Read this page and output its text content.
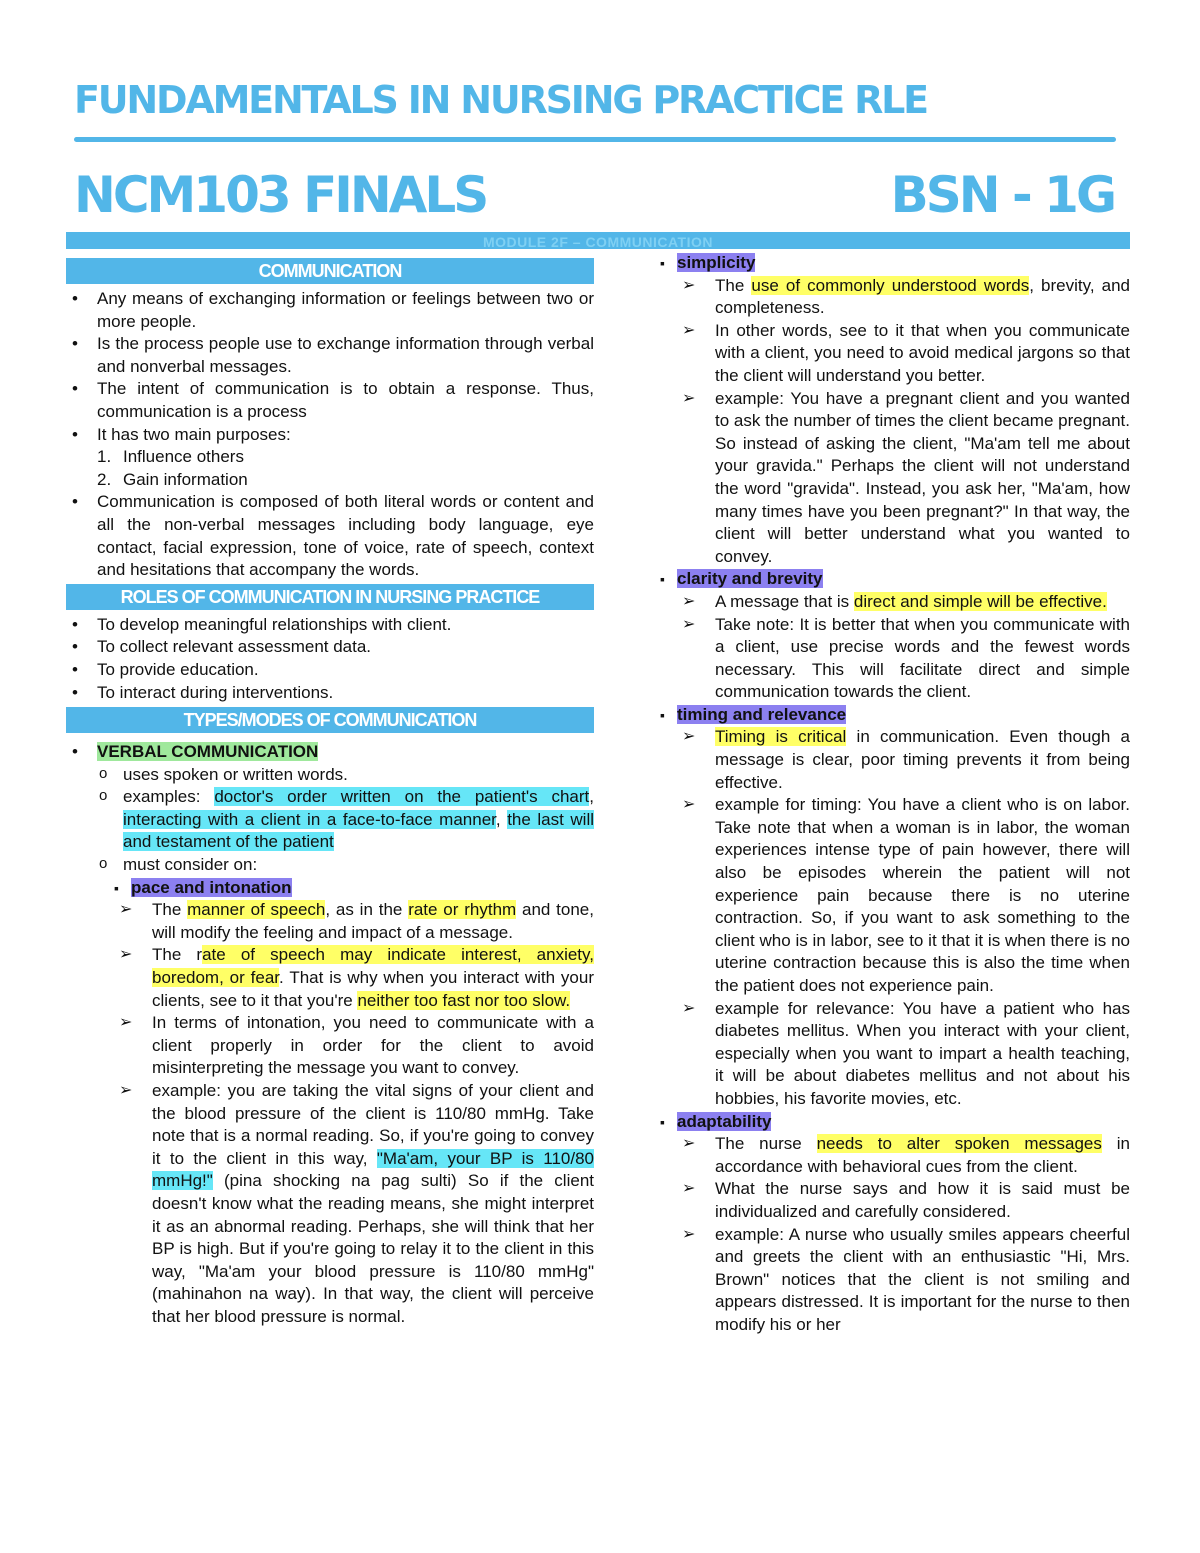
FUNDAMENTALS IN NURSING PRACTICE RLE
NCM103 FINALS	BSN - 1G
MODULE 2F – COMMUNICATION
COMMUNICATION
• Any means of exchanging information or feelings between two or more people.
• Is the process people use to exchange information through verbal and nonverbal messages.
• The intent of communication is to obtain a response. Thus, communication is a process
• It has two main purposes:
1. Influence others
2. Gain information
• Communication is composed of both literal words or content and all the non-verbal messages including body language, eye contact, facial expression, tone of voice, rate of speech, context and hesitations that accompany the words.
ROLES OF COMMUNICATION IN NURSING PRACTICE
• To develop meaningful relationships with client.
• To collect relevant assessment data.
• To provide education.
• To interact during interventions.
TYPES/MODES OF COMMUNICATION
• VERBAL COMMUNICATION
o uses spoken or written words.
o examples: doctor's order written on the patient's chart, interacting with a client in a face-to-face manner, the last will and testament of the patient
o must consider on:
▪ pace and intonation
➢ The manner of speech, as in the rate or rhythm and tone, will modify the feeling and impact of a message.
➢ The rate of speech may indicate interest, anxiety, boredom, or fear. That is why when you interact with your clients, see to it that you're neither too fast nor too slow.
➢ In terms of intonation, you need to communicate with a client properly in order for the client to avoid misinterpreting the message you want to convey.
➢ example: you are taking the vital signs of your client and the blood pressure of the client is 110/80 mmHg. Take note that is a normal reading. So, if you're going to convey it to the client in this way, "Ma'am, your BP is 110/80 mmHg!" (pina shocking na pag sulti) So if the client doesn't know what the reading means, she might interpret it as an abnormal reading. Perhaps, she will think that her BP is high. But if you're going to relay it to the client in this way, "Ma'am your blood pressure is 110/80 mmHg" (mahinahon na way). In that way, the client will perceive that her blood pressure is normal.
▪ simplicity
➢ The use of commonly understood words, brevity, and completeness.
➢ In other words, see to it that when you communicate with a client, you need to avoid medical jargons so that the client will understand you better.
➢ example: You have a pregnant client and you wanted to ask the number of times the client became pregnant. So instead of asking the client, "Ma'am tell me about your gravida." Perhaps the client will not understand the word "gravida". Instead, you ask her, "Ma'am, how many times have you been pregnant?" In that way, the client will better understand what you wanted to convey.
▪ clarity and brevity
➢ A message that is direct and simple will be effective.
➢ Take note: It is better that when you communicate with a client, use precise words and the fewest words necessary. This will facilitate direct and simple communication towards the client.
▪ timing and relevance
➢ Timing is critical in communication. Even though a message is clear, poor timing prevents it from being effective.
➢ example for timing: You have a client who is on labor. Take note that when a woman is in labor, the woman experiences intense type of pain however, there will also be episodes wherein the patient will not experience pain because there is no uterine contraction. So, if you want to ask something to the client who is in labor, see to it that it is when there is no uterine contraction because this is also the time when the patient does not experience pain.
➢ example for relevance: You have a patient who has diabetes mellitus. When you interact with your client, especially when you want to impart a health teaching, it will be about diabetes mellitus and not about his hobbies, his favorite movies, etc.
▪ adaptability
➢ The nurse needs to alter spoken messages in accordance with behavioral cues from the client.
➢ What the nurse says and how it is said must be individualized and carefully considered.
➢ example: A nurse who usually smiles appears cheerful and greets the client with an enthusiastic "Hi, Mrs. Brown" notices that the client is not smiling and appears distressed. It is important for the nurse to then modify his or her
